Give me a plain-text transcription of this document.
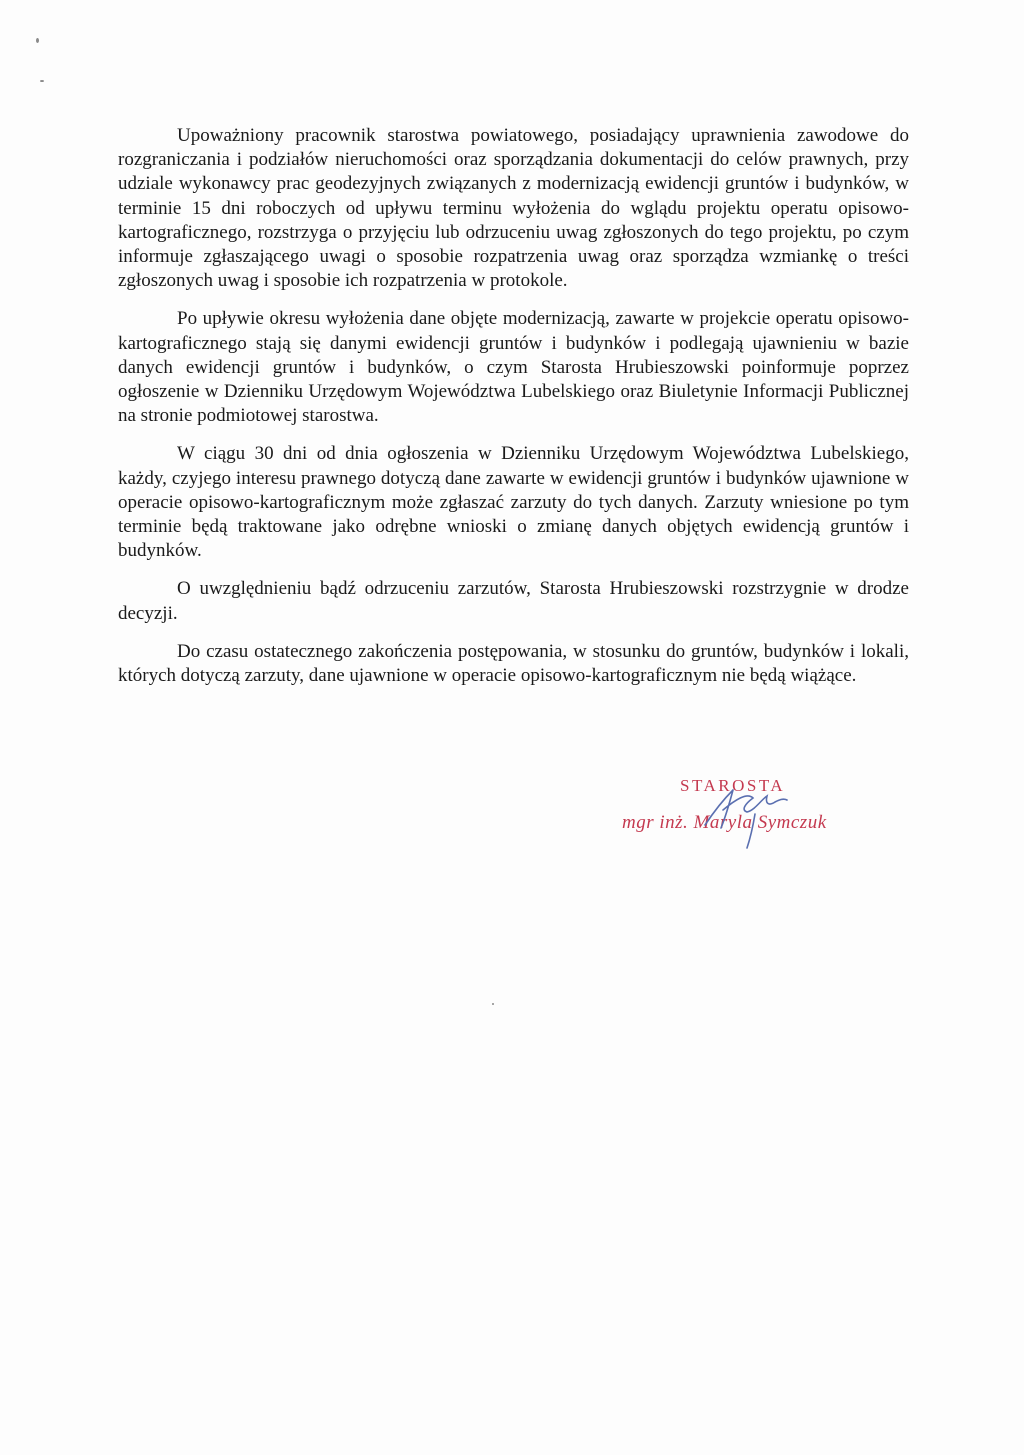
Upoważniony pracownik starostwa powiatowego, posiadający uprawnienia zawodowe do rozgraniczania i podziałów nieruchomości oraz sporządzania dokumentacji do celów prawnych, przy udziale wykonawcy prac geodezyjnych związanych z modernizacją ewidencji gruntów i budynków, w terminie 15 dni roboczych od upływu terminu wyłożenia do wglądu projektu operatu opisowo-kartograficznego, rozstrzyga o przyjęciu lub odrzuceniu uwag zgłoszonych do tego projektu, po czym informuje zgłaszającego uwagi o sposobie rozpatrzenia uwag oraz sporządza wzmiankę o treści zgłoszonych uwag i sposobie ich rozpatrzenia w protokole.

Po upływie okresu wyłożenia dane objęte modernizacją, zawarte w projekcie operatu opisowo-kartograficznego stają się danymi ewidencji gruntów i budynków i podlegają ujawnieniu w bazie danych ewidencji gruntów i budynków, o czym Starosta Hrubieszowski poinformuje poprzez ogłoszenie w Dzienniku Urzędowym Województwa Lubelskiego oraz Biuletynie Informacji Publicznej na stronie podmiotowej starostwa.

W ciągu 30 dni od dnia ogłoszenia w Dzienniku Urzędowym Województwa Lubelskiego, każdy, czyjego interesu prawnego dotyczą dane zawarte w ewidencji gruntów i budynków ujawnione w operacie opisowo-kartograficznym może zgłaszać zarzuty do tych danych. Zarzuty wniesione po tym terminie będą traktowane jako odrębne wnioski o zmianę danych objętych ewidencją gruntów i budynków.

O uwzględnieniu bądź odrzuceniu zarzutów, Starosta Hrubieszowski rozstrzygnie w drodze decyzji.

Do czasu ostatecznego zakończenia postępowania, w stosunku do gruntów, budynków i lokali, których dotyczą zarzuty, dane ujawnione w operacie opisowo-kartograficznym nie będą wiążące.

STAROSTA
mgr inż. Maryla Symczuk
